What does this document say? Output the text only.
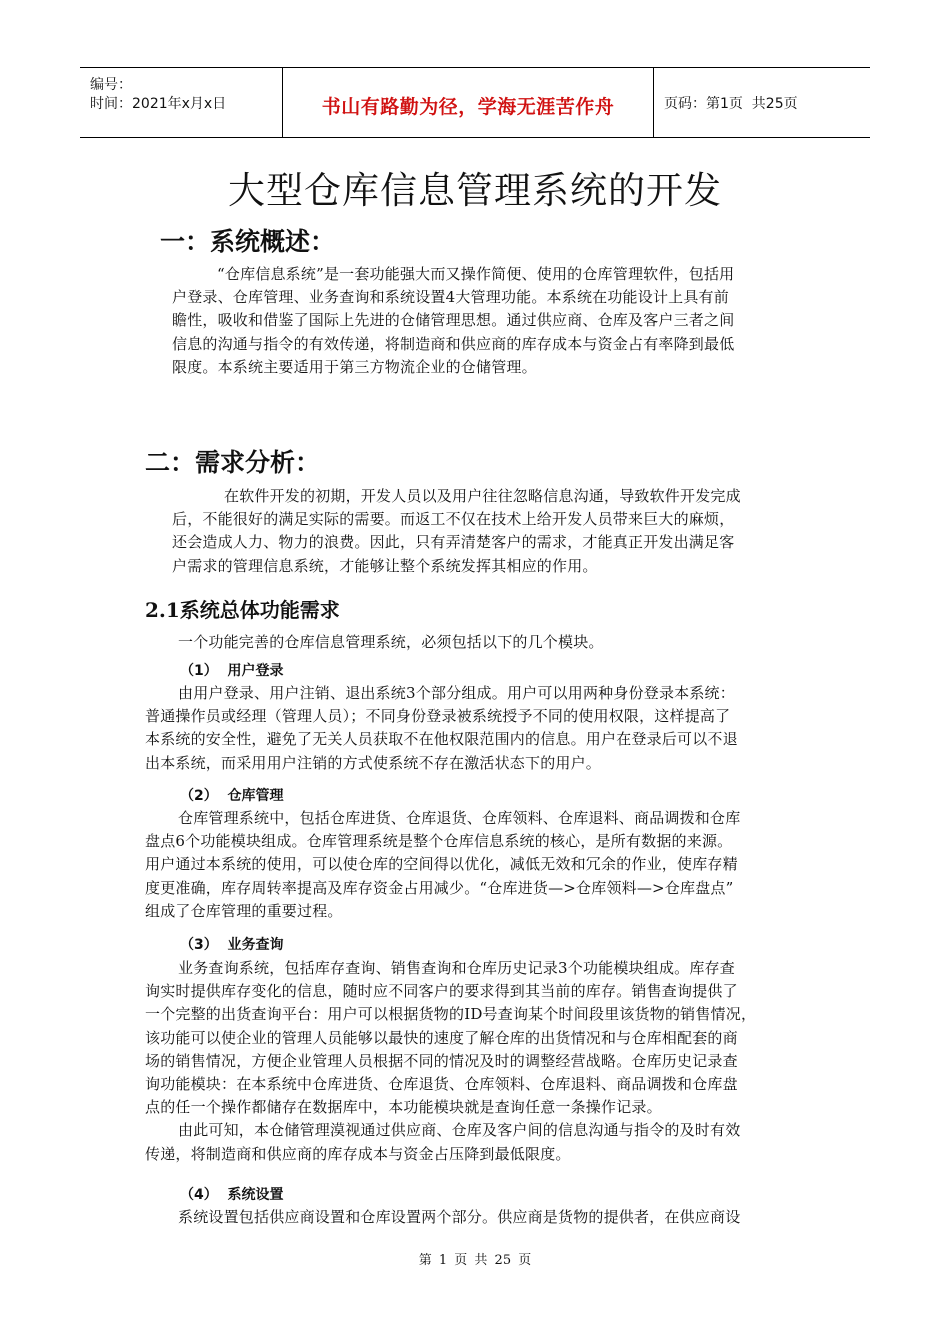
编号：
时间：2021年x月x日	书山有路勤为径，学海无涯苦作舟	页码：第1页  共25页
大型仓库信息管理系统的开发
一：系统概述：
“仓库信息系统”是一套功能强大而又操作简便、使用的仓库管理软件，包括用
户登录、仓库管理、业务查询和系统设置4大管理功能。本系统在功能设计上具有前
瞻性，吸收和借鉴了国际上先进的仓储管理思想。通过供应商、仓库及客户三者之间
信息的沟通与指令的有效传递，将制造商和供应商的库存成本与资金占有率降到最低
限度。本系统主要适用于第三方物流企业的仓储管理。
二：需求分析：
在软件开发的初期，开发人员以及用户往往忽略信息沟通，导致软件开发完成
后，不能很好的满足实际的需要。而返工不仅在技术上给开发人员带来巨大的麻烦，
还会造成人力、物力的浪费。因此，只有弄清楚客户的需求，才能真正开发出满足客
户需求的管理信息系统，才能够让整个系统发挥其相应的作用。
2.1系统总体功能需求
一个功能完善的仓库信息管理系统，必须包括以下的几个模块。
（1）  用户登录
由用户登录、用户注销、退出系统3个部分组成。用户可以用两种身份登录本系统：
普通操作员或经理（管理人员）；不同身份登录被系统授予不同的使用权限，这样提高了
本系统的安全性，避免了无关人员获取不在他权限范围内的信息。用户在登录后可以不退
出本系统，而采用用户注销的方式使系统不存在激活状态下的用户。
（2）  仓库管理
仓库管理系统中，包括仓库进货、仓库退货、仓库领料、仓库退料、商品调拨和仓库
盘点6个功能模块组成。仓库管理系统是整个仓库信息系统的核心，是所有数据的来源。
用户通过本系统的使用，可以使仓库的空间得以优化，减低无效和冗余的作业，使库存精
度更准确，库存周转率提高及库存资金占用减少。“仓库进货—>仓库领料—>仓库盘点”
组成了仓库管理的重要过程。
（3）  业务查询
业务查询系统，包括库存查询、销售查询和仓库历史记录3个功能模块组成。库存查
询实时提供库存变化的信息，随时应不同客户的要求得到其当前的库存。销售查询提供了
一个完整的出货查询平台：用户可以根据货物的ID号查询某个时间段里该货物的销售情况，
该功能可以使企业的管理人员能够以最快的速度了解仓库的出货情况和与仓库相配套的商
场的销售情况，方便企业管理人员根据不同的情况及时的调整经营战略。仓库历史记录查
询功能模块：在本系统中仓库进货、仓库退货、仓库领料、仓库退料、商品调拨和仓库盘
点的任一个操作都储存在数据库中，本功能模块就是查询任意一条操作记录。
由此可知，本仓储管理漠视通过供应商、仓库及客户间的信息沟通与指令的及时有效
传递，将制造商和供应商的库存成本与资金占压降到最低限度。
（4）  系统设置
系统设置包括供应商设置和仓库设置两个部分。供应商是货物的提供者，在供应商设
第 1 页 共 25 页
